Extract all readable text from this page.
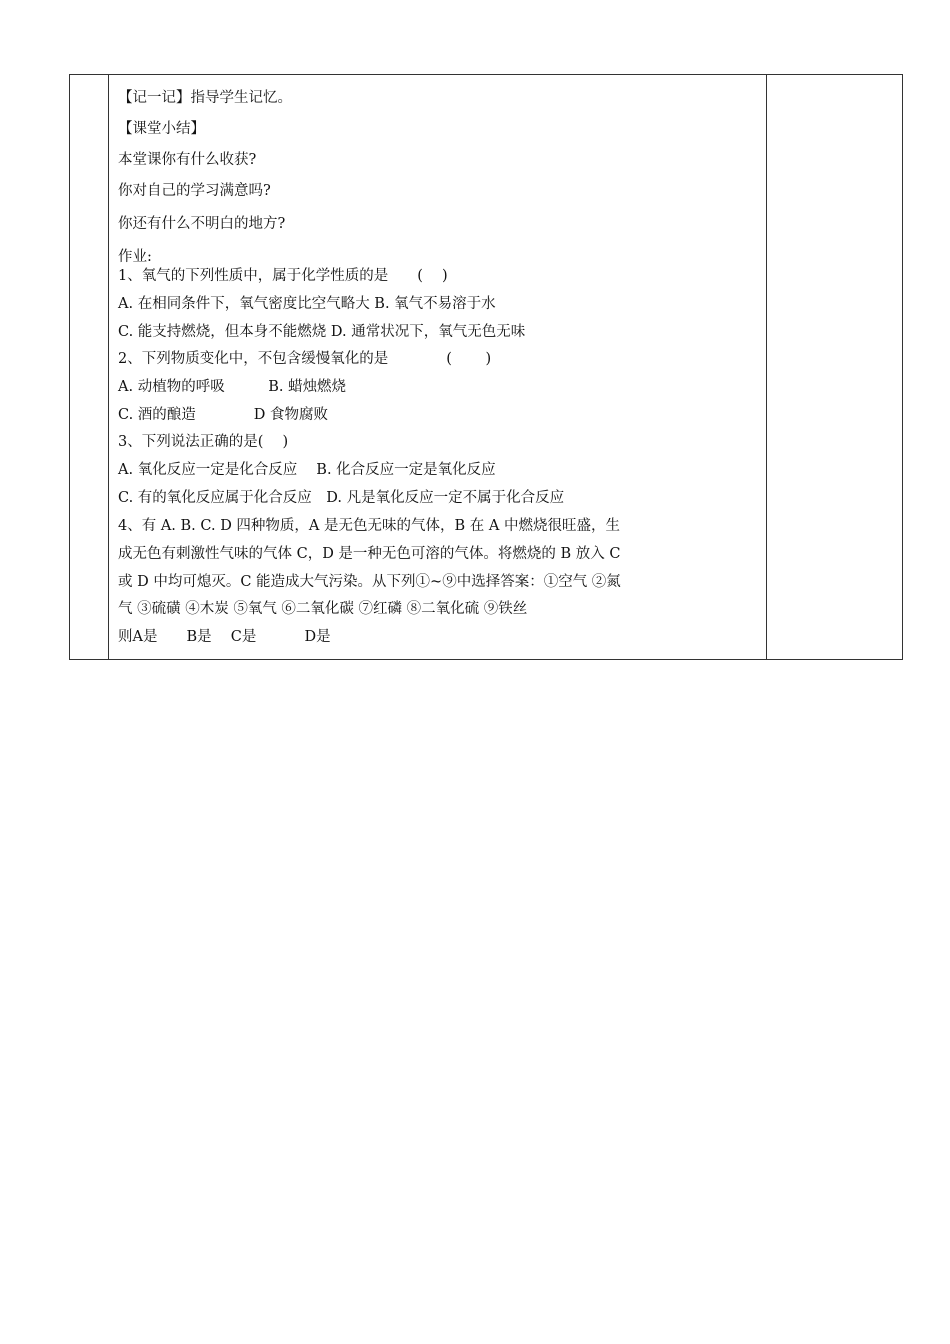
【记一记】指导学生记忆。
【课堂小结】
本堂课你有什么收获?
你对自己的学习满意吗?
你还有什么不明白的地方?
作业:
1、氧气的下列性质中，属于化学性质的是　　(　 )
A. 在相同条件下，氧气密度比空气略大 B. 氧气不易溶于水
C. 能支持燃烧，但本身不能燃烧 D. 通常状况下，氧气无色无味
2、下列物质变化中，不包含缓慢氧化的是　　　　(　　 )
A. 动植物的呼吸　　　B. 蜡烛燃烧
C. 酒的酿造　　　　D 食物腐败
3、下列说法正确的是(　 )
A. 氧化反应一定是化合反应　 B. 化合反应一定是氧化反应
C. 有的氧化反应属于化合反应　D. 凡是氧化反应一定不属于化合反应
4、有 A. B. C. D 四种物质，A 是无色无味的气体，B 在 A 中燃烧很旺盛，生
成无色有刺激性气味的气体 C，D 是一种无色可溶的气体。将燃烧的 B 放入 C
或 D 中均可熄灭。C 能造成大气污染。从下列①~⑨中选择答案：①空气 ②氮
气 ③硫磺 ④木炭 ⑤氧气 ⑥二氧化碳 ⑦红磷 ⑧二氧化硫 ⑨铁丝
则A是　　B是　 C是　　　 D是
